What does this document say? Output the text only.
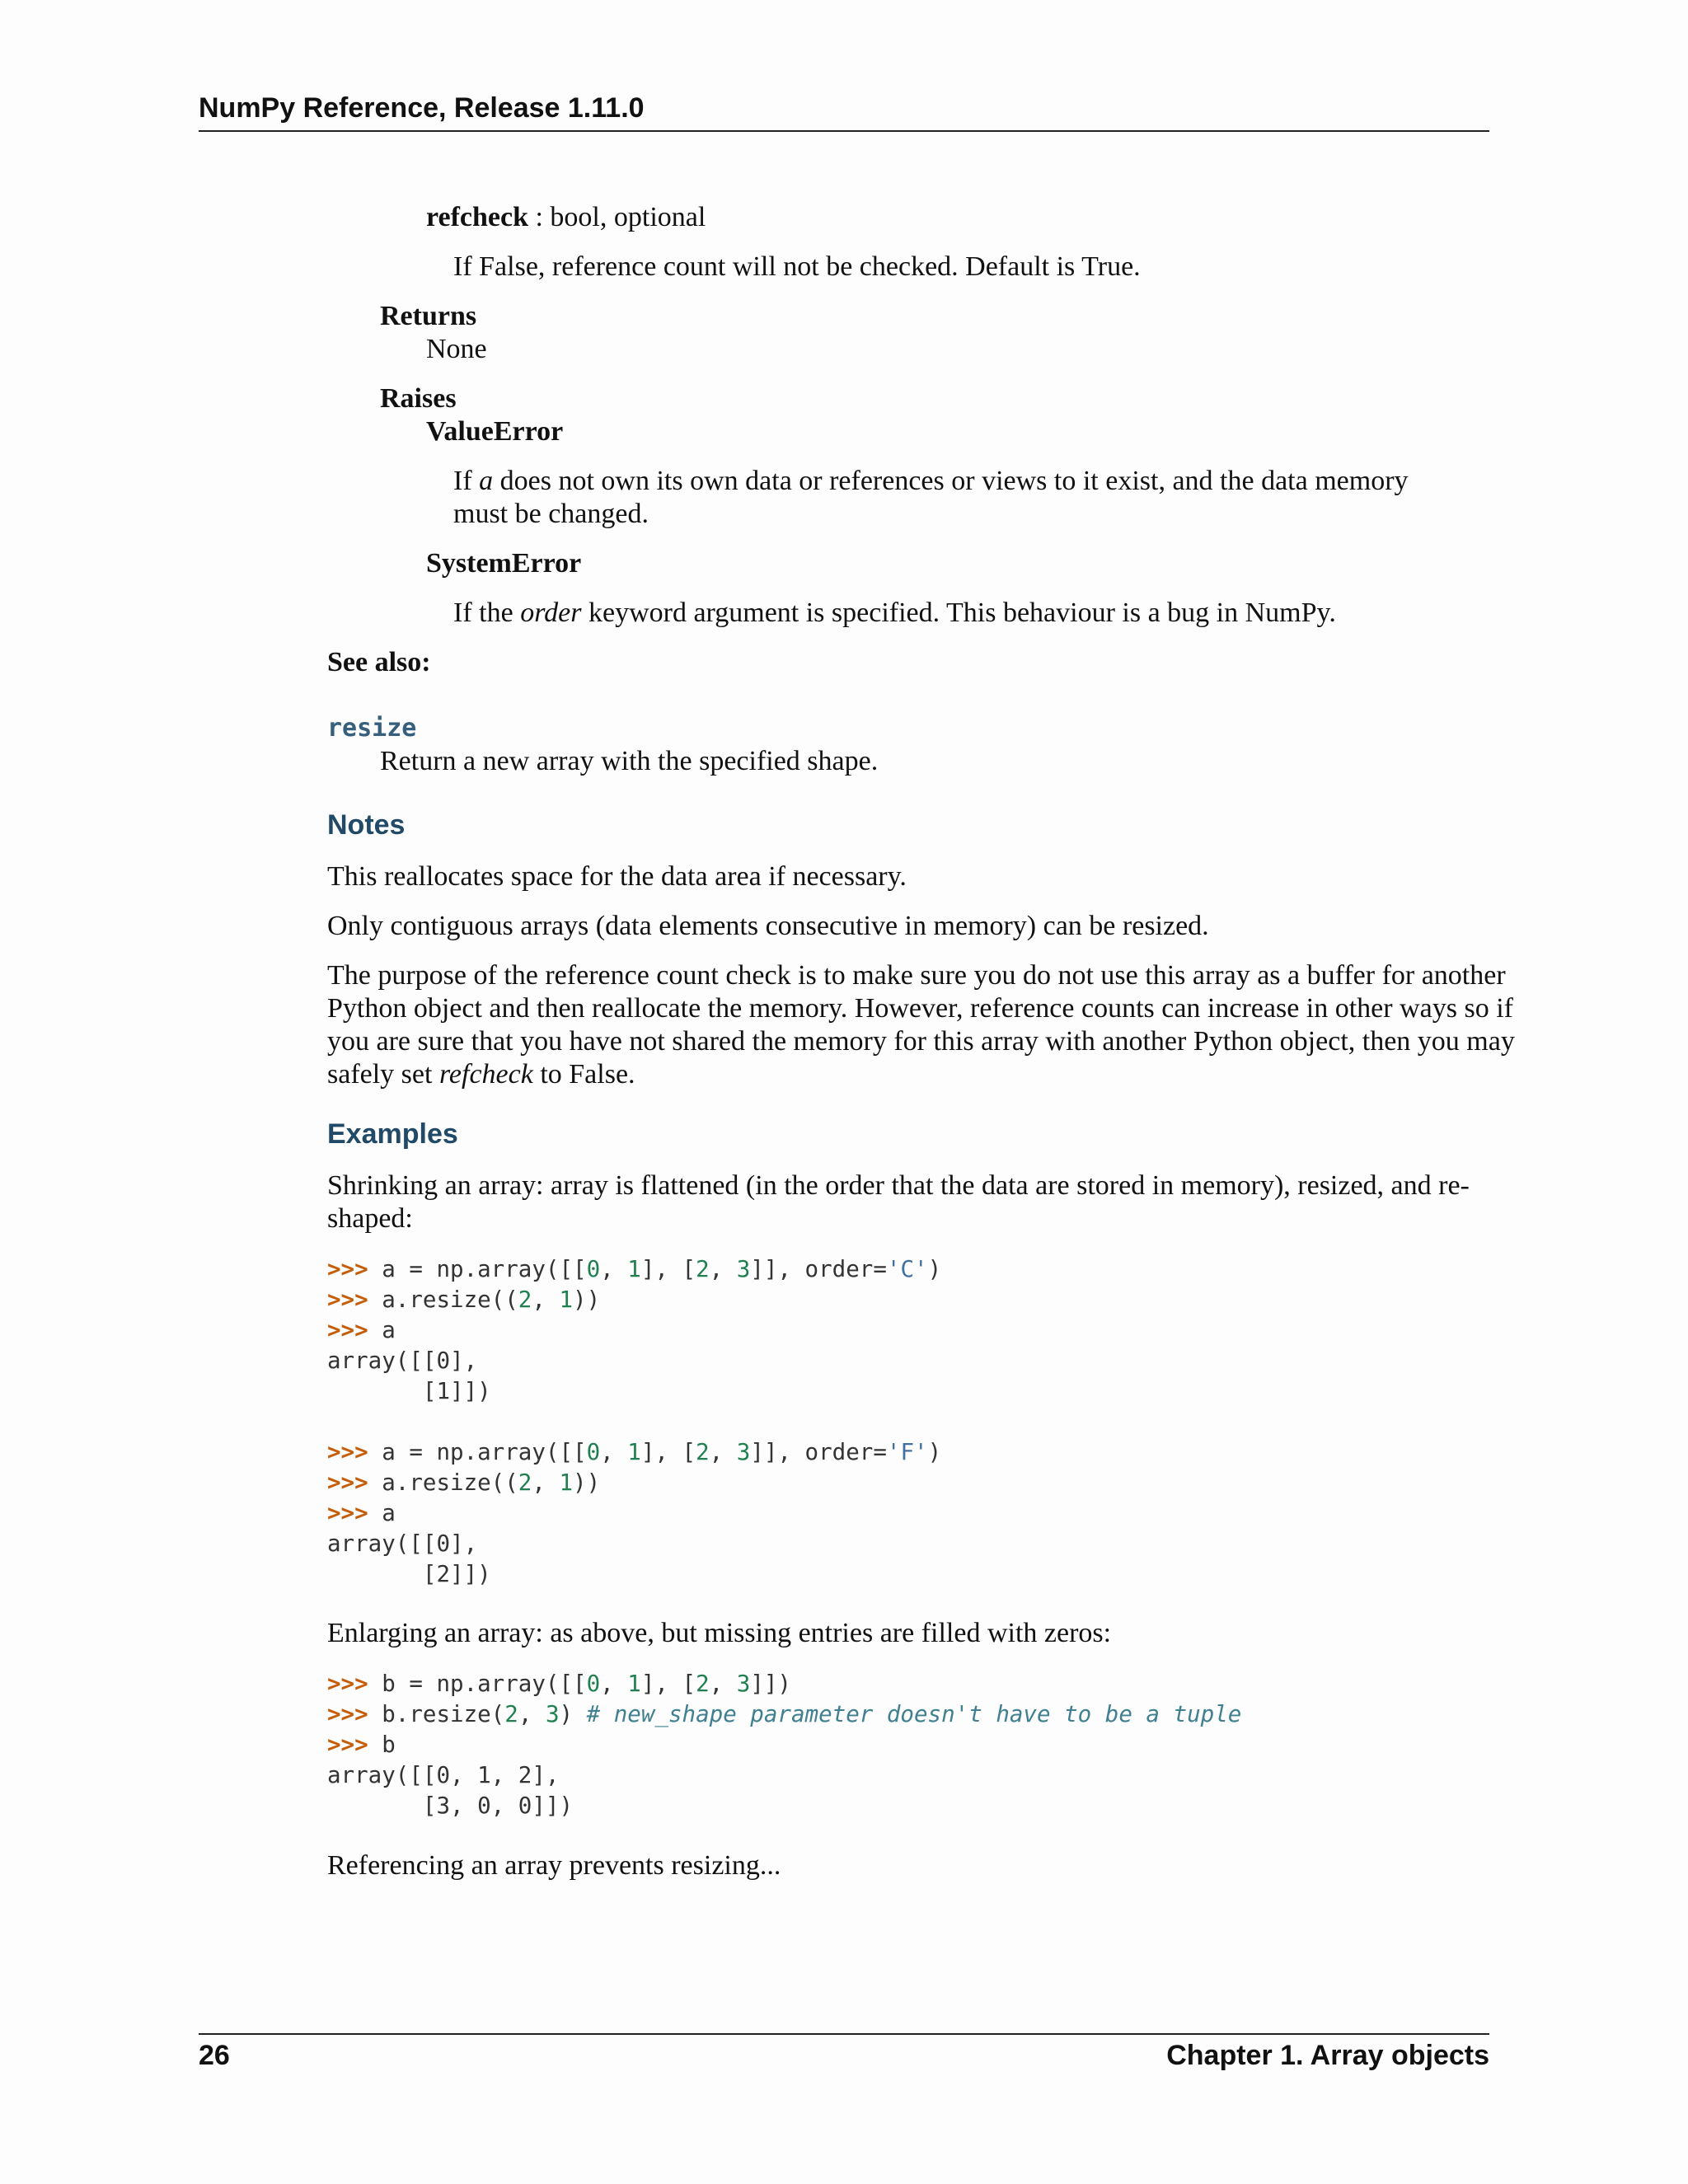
NumPy Reference, Release 1.11.0
refcheck : bool, optional
If False, reference count will not be checked. Default is True.
Returns
None
Raises
ValueError
If a does not own its own data or references or views to it exist, and the data memory
must be changed.
SystemError
If the order keyword argument is specified. This behaviour is a bug in NumPy.
See also:
resize
Return a new array with the specified shape.
Notes
This reallocates space for the data area if necessary.
Only contiguous arrays (data elements consecutive in memory) can be resized.
The purpose of the reference count check is to make sure you do not use this array as a buffer for another
Python object and then reallocate the memory. However, reference counts can increase in other ways so if
you are sure that you have not shared the memory for this array with another Python object, then you may
safely set refcheck to False.
Examples
Shrinking an array: array is flattened (in the order that the data are stored in memory), resized, and re-
shaped:
>>> a = np.array([[0, 1], [2, 3]], order='C')
>>> a.resize((2, 1))
>>> a
array([[0],
[1]])
>>> a = np.array([[0, 1], [2, 3]], order='F')
>>> a.resize((2, 1))
>>> a
array([[0],
[2]])
Enlarging an array: as above, but missing entries are filled with zeros:
>>> b = np.array([[0, 1], [2, 3]])
>>> b.resize(2, 3) # new_shape parameter doesn't have to be a tuple
>>> b
array([[0, 1, 2],
[3, 0, 0]])
Referencing an array prevents resizing...
26	Chapter 1. Array objects
